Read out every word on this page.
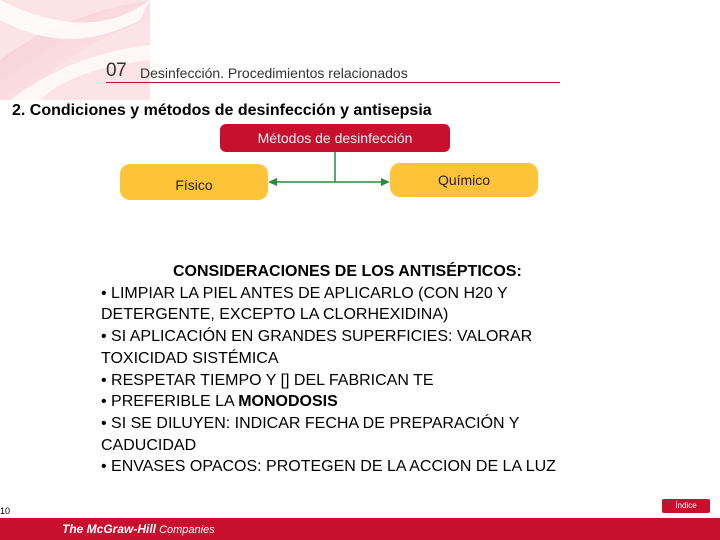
07 Desinfección. Procedimientos relacionados
2. Condiciones y métodos de desinfección y antisepsia
Métodos de desinfección
Físico	Químico
CONSIDERACIONES DE LOS ANTISÉPTICOS:
• LIMPIAR LA PIEL ANTES DE APLICARLO (CON H20 Y
DETERGENTE, EXCEPTO LA CLORHEXIDINA)
• SI APLICACIÓN EN GRANDES SUPERFICIES: VALORAR
TOXICIDAD SISTÉMICA
• RESPETAR TIEMPO Y [] DEL FABRICAN TE
• PREFERIBLE LA MONODOSIS
• SI SE DILUYEN: INDICAR FECHA DE PREPARACIÓN Y
CADUCIDAD
• ENVASES OPACOS: PROTEGEN DE LA ACCION DE LA LUZ
10
Índice
The McGraw-Hill Companies
